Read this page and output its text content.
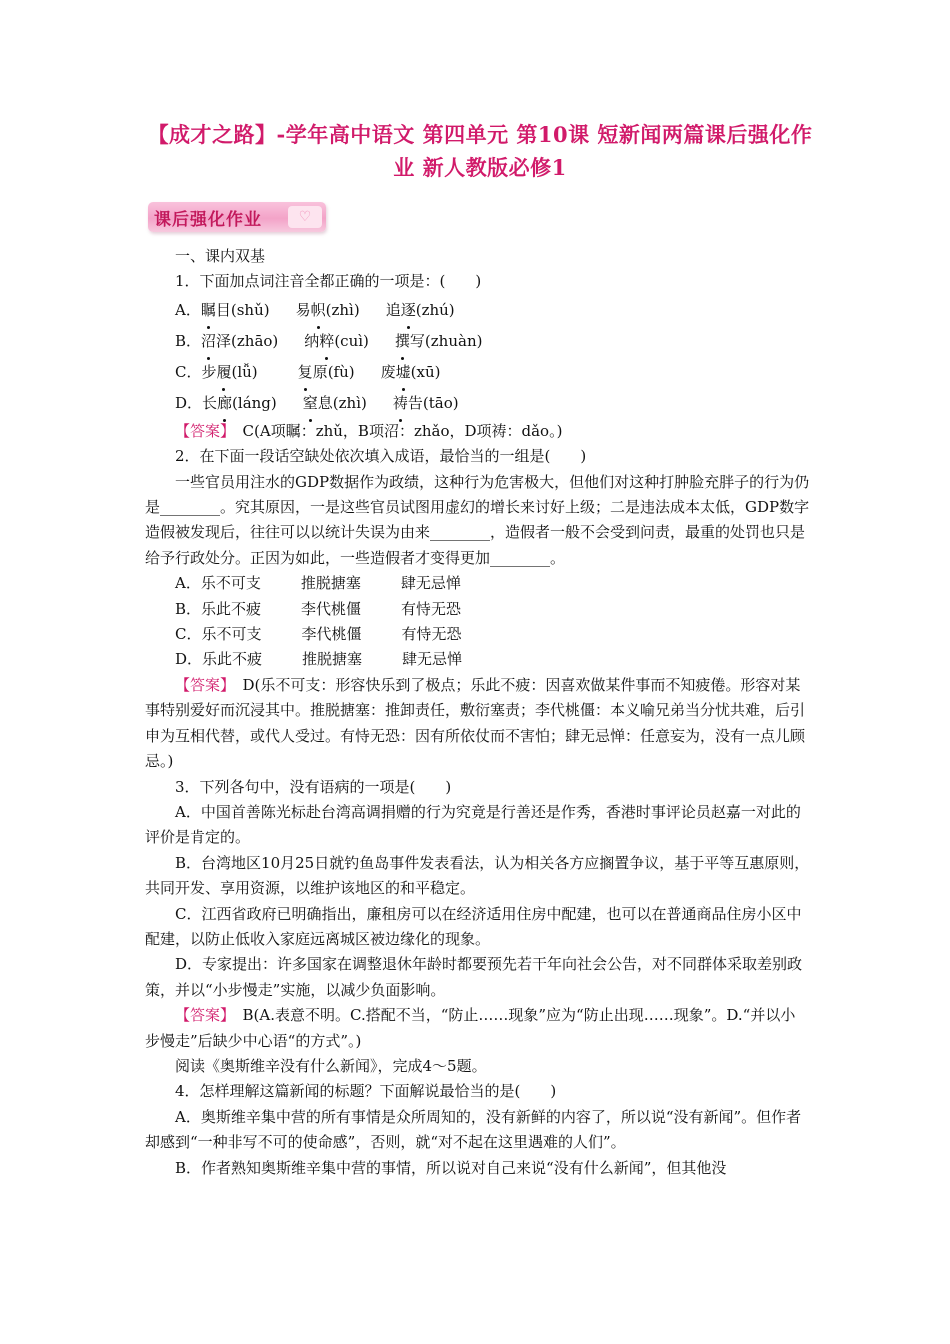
【成才之路】-学年高中语文 第四单元 第10课 短新闻两篇课后强化作业 新人教版必修1
课后强化作业	♡

一、课内双基

1．下面加点词注音全都正确的一项是：(　　)

A．瞩目(shǔ) 易帜(zhì) 追逐(zhú)

B．沼泽(zhāo) 纳粹(cuì) 撰写(zhuàn)

C．步履(lǚ)	复原(fù) 废墟(xū)

D．长廊(láng) 窒息(zhì) 祷告(tāo)

【答案】　 C(A项瞩：zhǔ，B项沼：zhǎo，D项祷：dǎo。)

2．在下面一段话空缺处依次填入成语，最恰当的一组是(　　)

一些官员用注水的GDP数据作为政绩，这种行为危害极大，但他们对这种打肿脸充胖子的行为仍是________。究其原因，一是这些官员试图用虚幻的增长来讨好上级；二是违法成本太低，GDP数字造假被发现后，往往可以以统计失误为由来________，造假者一般不会受到问责，最重的处罚也只是给予行政处分。正因为如此，一些造假者才变得更加________。

A．乐不可支	推脱搪塞	肆无忌惮

B．乐此不疲	李代桃僵	有恃无恐

C．乐不可支	李代桃僵	有恃无恐

D．乐此不疲	推脱搪塞	肆无忌惮

【答案】　 D(乐不可支：形容快乐到了极点；乐此不疲：因喜欢做某件事而不知疲倦。形容对某事特别爱好而沉浸其中。推脱搪塞：推卸责任，敷衍塞责；李代桃僵：本义喻兄弟当分忧共难，后引申为互相代替，或代人受过。有恃无恐：因有所依仗而不害怕；肆无忌惮：任意妄为，没有一点儿顾忌。)

3．下列各句中，没有语病的一项是(　　)

A．中国首善陈光标赴台湾高调捐赠的行为究竟是行善还是作秀，香港时事评论员赵嘉一对此的评价是肯定的。

B．台湾地区10月25日就钓鱼岛事件发表看法，认为相关各方应搁置争议，基于平等互惠原则，共同开发、享用资源，以维护该地区的和平稳定。

C．江西省政府已明确指出，廉租房可以在经济适用住房中配建，也可以在普通商品住房小区中配建，以防止低收入家庭远离城区被边缘化的现象。

D．专家提出：许多国家在调整退休年龄时都要预先若干年向社会公告，对不同群体采取差别政策，并以“小步慢走”实施，以减少负面影响。

【答案】　 B(A.表意不明。C.搭配不当，“防止……现象”应为“防止出现……现象”。D.“并以小步慢走”后缺少中心语“的方式”。)

阅读《奥斯维辛没有什么新闻》，完成4～5题。

4．怎样理解这篇新闻的标题？下面解说最恰当的是(　　)

A．奥斯维辛集中营的所有事情是众所周知的，没有新鲜的内容了，所以说“没有新闻”。但作者却感到“一种非写不可的使命感”，否则，就“对不起在这里遇难的人们”。

B．作者熟知奥斯维辛集中营的事情，所以说对自己来说“没有什么新闻”，但其他没
